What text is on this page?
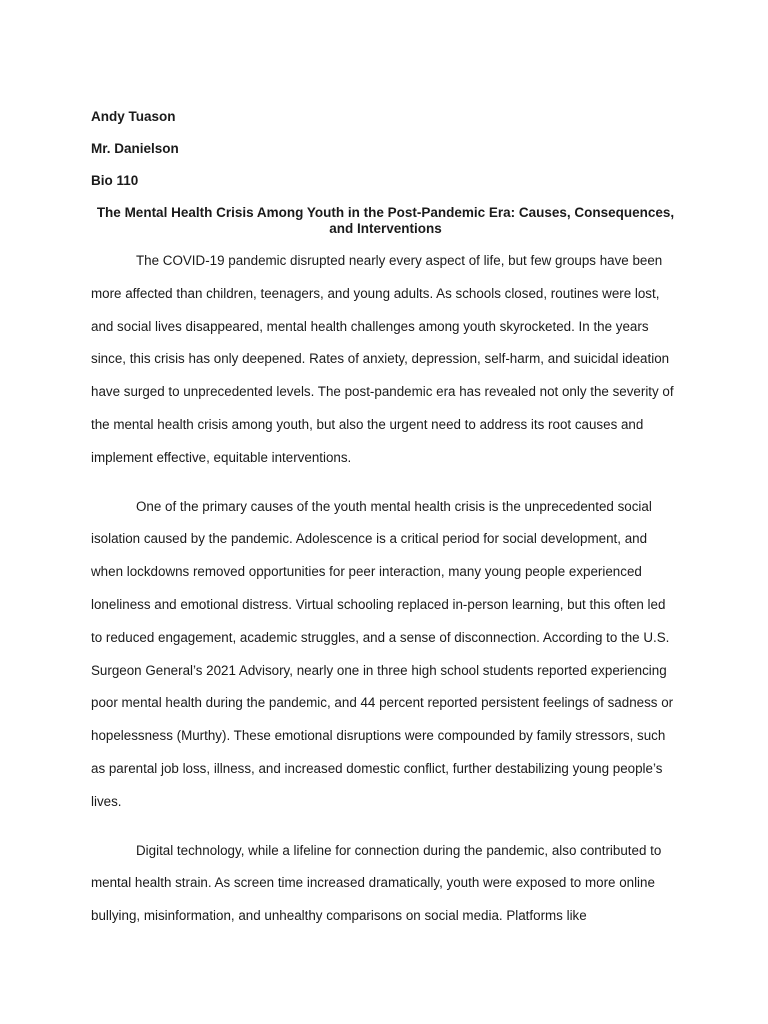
Andy Tuason
Mr. Danielson
Bio 110
The Mental Health Crisis Among Youth in the Post-Pandemic Era: Causes, Consequences, and Interventions

The COVID-19 pandemic disrupted nearly every aspect of life, but few groups have been more affected than children, teenagers, and young adults. As schools closed, routines were lost, and social lives disappeared, mental health challenges among youth skyrocketed. In the years since, this crisis has only deepened. Rates of anxiety, depression, self-harm, and suicidal ideation have surged to unprecedented levels. The post-pandemic era has revealed not only the severity of the mental health crisis among youth, but also the urgent need to address its root causes and implement effective, equitable interventions.

One of the primary causes of the youth mental health crisis is the unprecedented social isolation caused by the pandemic. Adolescence is a critical period for social development, and when lockdowns removed opportunities for peer interaction, many young people experienced loneliness and emotional distress. Virtual schooling replaced in-person learning, but this often led to reduced engagement, academic struggles, and a sense of disconnection. According to the U.S. Surgeon General’s 2021 Advisory, nearly one in three high school students reported experiencing poor mental health during the pandemic, and 44 percent reported persistent feelings of sadness or hopelessness (Murthy). These emotional disruptions were compounded by family stressors, such as parental job loss, illness, and increased domestic conflict, further destabilizing young people’s lives.

Digital technology, while a lifeline for connection during the pandemic, also contributed to mental health strain. As screen time increased dramatically, youth were exposed to more online bullying, misinformation, and unhealthy comparisons on social media. Platforms like
